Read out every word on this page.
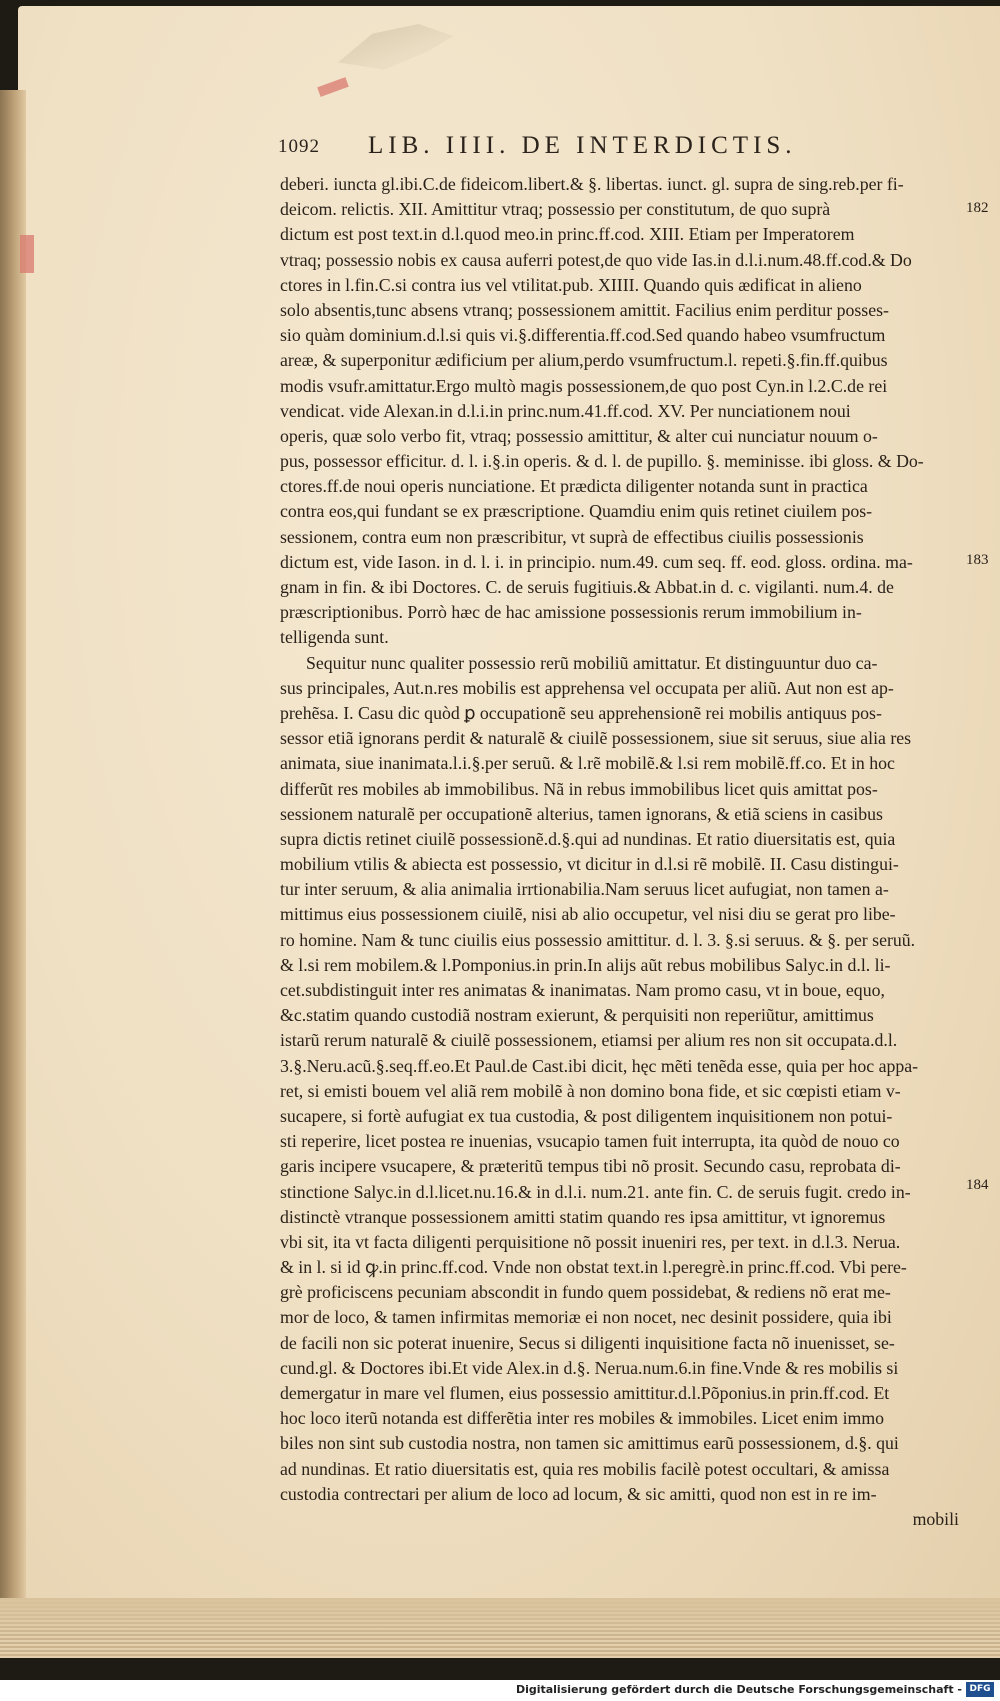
1092 LIB. IIII. DE INTERDICTIS.
deberi. iuncta gl.ibi.C.de fideicom.libert.& §. libertas. iunct. gl. supra de sing.reb.per fi-
deicom. relictis. XII. Amittitur vtraq; possessio per constitutum, de quo suprà
dictum est post text.in d.l.quod meo.in princ.ff.cod. XIII. Etiam per Imperatorem
vtraq; possessio nobis ex causa auferri potest,de quo vide Ias.in d.l.i.num.48.ff.cod.& Do
ctores in l.fin.C.si contra ius vel vtilitat.pub. XIIII. Quando quis ædificat in alieno
solo absentis,tunc absens vtranq; possessionem amittit. Facilius enim perditur posses-
sio quàm dominium.d.l.si quis vi.§.differentia.ff.cod.Sed quando habeo vsumfructum
areæ, & superponitur ædificium per alium,perdo vsumfructum.l. repeti.§.fin.ff.quibus
modis vsufr.amittatur.Ergo multò magis possessionem,de quo post Cyn.in l.2.C.de rei
vendicat. vide Alexan.in d.l.i.in princ.num.41.ff.cod. XV. Per nunciationem noui
operis, quæ solo verbo fit, vtraq; possessio amittitur, & alter cui nunciatur nouum o-
pus, possessor efficitur. d. l. i.§.in operis. & d. l. de pupillo. §. meminisse. ibi gloss. & Do-
ctores.ff.de noui operis nunciatione. Et prædicta diligenter notanda sunt in practica
contra eos,qui fundant se ex præscriptione. Quamdiu enim quis retinet ciuilem pos-
sessionem, contra eum non præscribitur, vt suprà de effectibus ciuilis possessionis
dictum est, vide Iason. in d. l. i. in principio. num.49. cum seq. ff. eod. gloss. ordina. ma-
gnam in fin. & ibi Doctores. C. de seruis fugitiuis.& Abbat.in d. c. vigilanti. num.4. de
præscriptionibus. Porrò hæc de hac amissione possessionis rerum immobilium in-
telligenda sunt.
Sequitur nunc qualiter possessio rerũ mobiliũ amittatur. Et distinguuntur duo ca-
sus principales, Aut.n.res mobilis est apprehensa vel occupata per aliũ. Aut non est ap-
prehẽsa. I. Casu dic quòd ꝑ occupationẽ seu apprehensionẽ rei mobilis antiquus pos-
sessor etiã ignorans perdit & naturalẽ & ciuilẽ possessionem, siue sit seruus, siue alia res
animata, siue inanimata.l.i.§.per seruũ. & l.rẽ mobilẽ.& l.si rem mobilẽ.ff.co. Et in hoc
differũt res mobiles ab immobilibus. Nã in rebus immobilibus licet quis amittat pos-
sessionem naturalẽ per occupationẽ alterius, tamen ignorans, & etiã sciens in casibus
supra dictis retinet ciuilẽ possessionẽ.d.§.qui ad nundinas. Et ratio diuersitatis est, quia
mobilium vtilis & abiecta est possessio, vt dicitur in d.l.si rẽ mobilẽ. II. Casu distingui-
tur inter seruum, & alia animalia irrtionabilia.Nam seruus licet aufugiat, non tamen a-
mittimus eius possessionem ciuilẽ, nisi ab alio occupetur, vel nisi diu se gerat pro libe-
ro homine. Nam & tunc ciuilis eius possessio amittitur. d. l. 3. §.si seruus. & §. per seruũ.
& l.si rem mobilem.& l.Pomponius.in prin.In alijs aũt rebus mobilibus Salyc.in d.l. li-
cet.subdistinguit inter res animatas & inanimatas. Nam promo casu, vt in boue, equo,
&c.statim quando custodiã nostram exierunt, & perquisiti non reperiũtur, amittimus
istarũ rerum naturalẽ & ciuilẽ possessionem, etiamsi per alium res non sit occupata.d.l.
3.§.Neru.acũ.§.seq.ff.eo.Et Paul.de Cast.ibi dicit, hęc mẽti tenẽda esse, quia per hoc appa-
ret, si emisti bouem vel aliã rem mobilẽ à non domino bona fide, et sic cœpisti etiam v-
sucapere, si fortè aufugiat ex tua custodia, & post diligentem inquisitionem non potui-
sti reperire, licet postea re inuenias, vsucapio tamen fuit interrupta, ita quòd de nouo co
garis incipere vsucapere, & præteritũ tempus tibi nõ prosit. Secundo casu, reprobata di-
stinctione Salyc.in d.l.licet.nu.16.& in d.l.i. num.21. ante fin. C. de seruis fugit. credo in-
distinctè vtranque possessionem amitti statim quando res ipsa amittitur, vt ignoremus
vbi sit, ita vt facta diligenti perquisitione nõ possit inueniri res, per text. in d.l.3. Nerua.
& in l. si id ꝙ.in princ.ff.cod. Vnde non obstat text.in l.peregrè.in princ.ff.cod. Vbi pere-
grè proficiscens pecuniam abscondit in fundo quem possidebat, & rediens nõ erat me-
mor de loco, & tamen infirmitas memoriæ ei non nocet, nec desinit possidere, quia ibi
de facili non sic poterat inuenire, Secus si diligenti inquisitione facta nõ inuenisset, se-
cund.gl. & Doctores ibi.Et vide Alex.in d.§. Nerua.num.6.in fine.Vnde & res mobilis si
demergatur in mare vel flumen, eius possessio amittitur.d.l.Põponius.in prin.ff.cod. Et
hoc loco iterũ notanda est differẽtia inter res mobiles & immobiles. Licet enim immo
biles non sint sub custodia nostra, non tamen sic amittimus earũ possessionem, d.§. qui
ad nundinas. Et ratio diuersitatis est, quia res mobilis facilè potest occultari, & amissa
custodia contrectari per alium de loco ad locum, & sic amitti, quod non est in re im-
mobili
182
183
184
Digitalisierung gefördert durch die Deutsche Forschungsgemeinschaft - DFG
